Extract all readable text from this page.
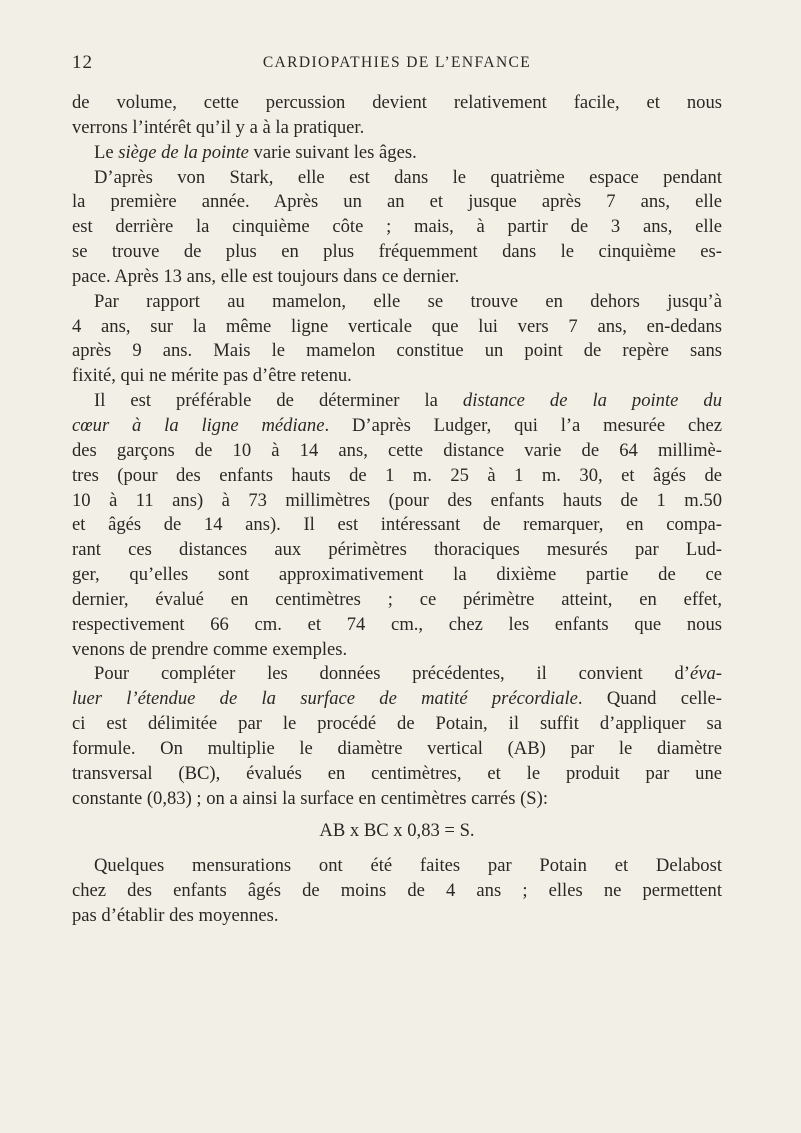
12	CARDIOPATHIES DE L’ENFANCE
de volume, cette percussion devient relativement facile, et nous
verrons l’intérêt qu’il y a à la pratiquer.
Le siège de la pointe varie suivant les âges.
D’après von Stark, elle est dans le quatrième espace pendant
la première année. Après un an et jusque après 7 ans, elle
est derrière la cinquième côte ; mais, à partir de 3 ans, elle
se trouve de plus en plus fréquemment dans le cinquième es-
pace. Après 13 ans, elle est toujours dans ce dernier.
Par rapport au mamelon, elle se trouve en dehors jusqu’à
4 ans, sur la même ligne verticale que lui vers 7 ans, en-dedans
après 9 ans. Mais le mamelon constitue un point de repère sans
fixité, qui ne mérite pas d’être retenu.
Il est préférable de déterminer la distance de la pointe du
cœur à la ligne médiane. D’après Ludger, qui l’a mesurée chez
des garçons de 10 à 14 ans, cette distance varie de 64 millimè-
tres (pour des enfants hauts de 1 m. 25 à 1 m. 30, et âgés de
10 à 11 ans) à 73 millimètres (pour des enfants hauts de 1 m.50
et âgés de 14 ans). Il est intéressant de remarquer, en compa-
rant ces distances aux périmètres thoraciques mesurés par Lud-
ger, qu’elles sont approximativement la dixième partie de ce
dernier, évalué en centimètres ; ce périmètre atteint, en effet,
respectivement 66 cm. et 74 cm., chez les enfants que nous
venons de prendre comme exemples.
Pour compléter les données précédentes, il convient d’éva-
luer l’étendue de la surface de matité précordiale. Quand celle-
ci est délimitée par le procédé de Potain, il suffit d’appliquer sa
formule. On multiplie le diamètre vertical (AB) par le diamètre
transversal (BC), évalués en centimètres, et le produit par une
constante (0,83) ; on a ainsi la surface en centimètres carrés (S):
AB x BC x 0,83 = S.
Quelques mensurations ont été faites par Potain et Delabost
chez des enfants âgés de moins de 4 ans ; elles ne permettent
pas d’établir des moyennes.
